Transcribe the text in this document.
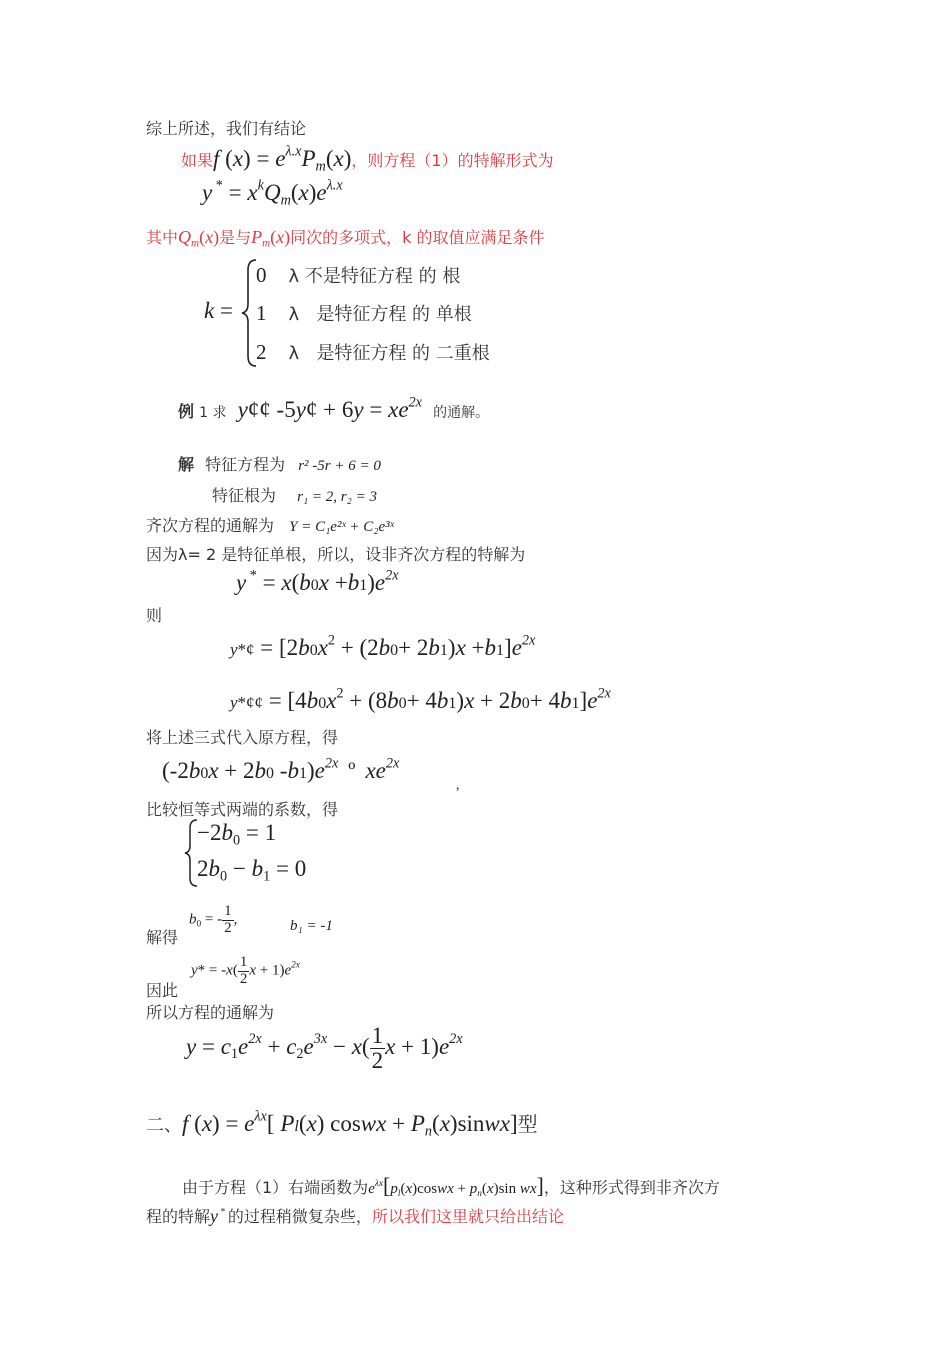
综上所述，我们有结论
如果f $(x) = e^{\lambda.x}P_m(x)$，则方程（1）的特解形式为
y $^* = x^kQ_m(x)e^{\lambda.x}$
其中$Q_m(x)$是与$P_m(x)$同次的多项式，k 的取值应满足条件
k =
0 λ 不是特征方程 的 根
1 λ   是特征方程 的 单根
2 λ   是特征方程 的 二重根
例 1 求 y¢¢ -5y¢ + $6y = xe^{2x}$ 的通解。
解 特征方程为 r² -5r + 6 = 0
特征根为 r₁ = 2, r₂ = 3
齐次方程的通解为 Y = C₁e²ˣ + C₂e³ˣ
因为λ= 2 是特征单根，所以，设非齐次方程的特解为
y $^* = x(b0x +b1)e^{2x}$
则
y*¢ = $[2b0x^2 + (2b0+ 2b1)x +b1]e^{2x}$
y*¢¢ = $[4b0x^2 + (8b0+ 4b1)x + 2b0+ 4b1]e^{2x}$
将上述三式代入原方程，得
(-2b0x + 2b0 $-b1)e^{2x}$ º $xe^{2x}$
,
比较恒等式两端的系数，得
$-2b_0 = 1$
$2b_0 - b_1 = 0$
解得
$b_0$ = - $\frac{1}{2}$ ,	b₁ = -1
因此
$y* = -x( \frac{1}{2}$ $x + 1)e^{2x}$
所以方程的通解为
$y = c_1e^{2x} + c_2e^{3x} - x( \frac{1}{2}$ $x + 1)e^{2x}$
二、f $(x) = e^{\lambda x}$[ Pl(x) coswx + $P_n(x)sinwx$]型
由于方程（1）右端函数为$e^{\lambda x}[p_l(x)coswx + p_n(x)\sin$ wx]，这种形式得到非齐次方
程的特解y * 的过程稍微复杂些，所以我们这里就只给出结论
